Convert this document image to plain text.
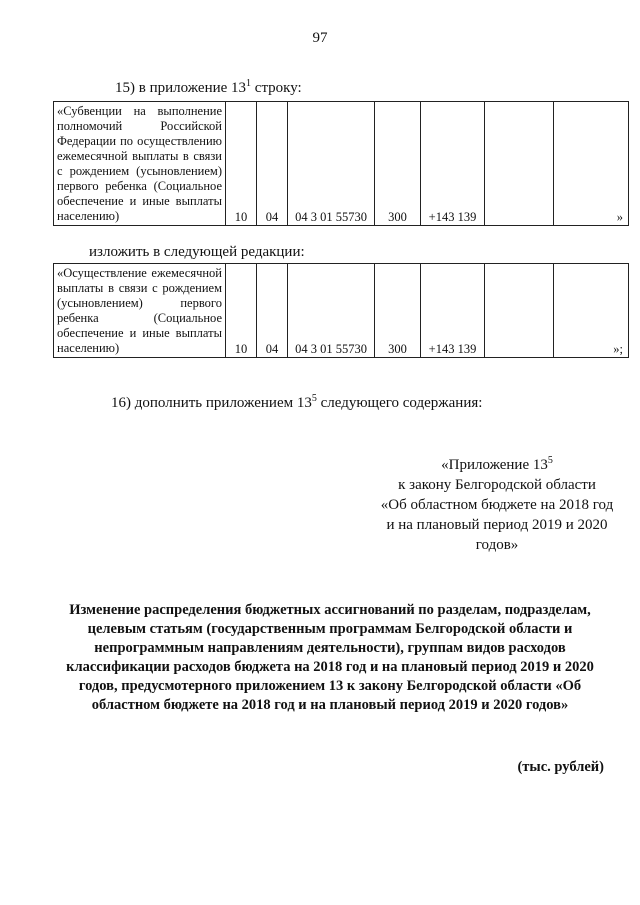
97
15) в приложение $13^1$ строку:
«Субвенции на выполнение полномочий Российской Федерации по осуществлению ежемесячной выплаты в связи с рождением (усыновлением) первого ребенка (Социальное обеспечение и иные выплаты населению)	10	04	04 3 01 55730	300	+143 139		»
изложить в следующей редакции:
«Осуществление ежемесячной выплаты в связи с рождением (усыновлением) первого ребенка (Социальное обеспечение и иные выплаты населению)	10	04	04 3 01 55730	300	+143 139		»;
16) дополнить приложением $13^5$ следующего содержания:
«Приложение $13^5$
к закону Белгородской области
«Об областном бюджете на 2018 год
и на плановый период 2019 и 2020
годов»
Изменение распределения бюджетных ассигнований по разделам, подразделам, целевым статьям (государственным программам Белгородской области и непрограммным направлениям деятельности), группам видов расходов классификации расходов бюджета на 2018 год и на плановый период 2019 и 2020 годов, предусмотерного приложением 13 к закону Белгородской области «Об областном бюджете на 2018 год и на плановый период 2019 и 2020 годов»
(тыс. рублей)
